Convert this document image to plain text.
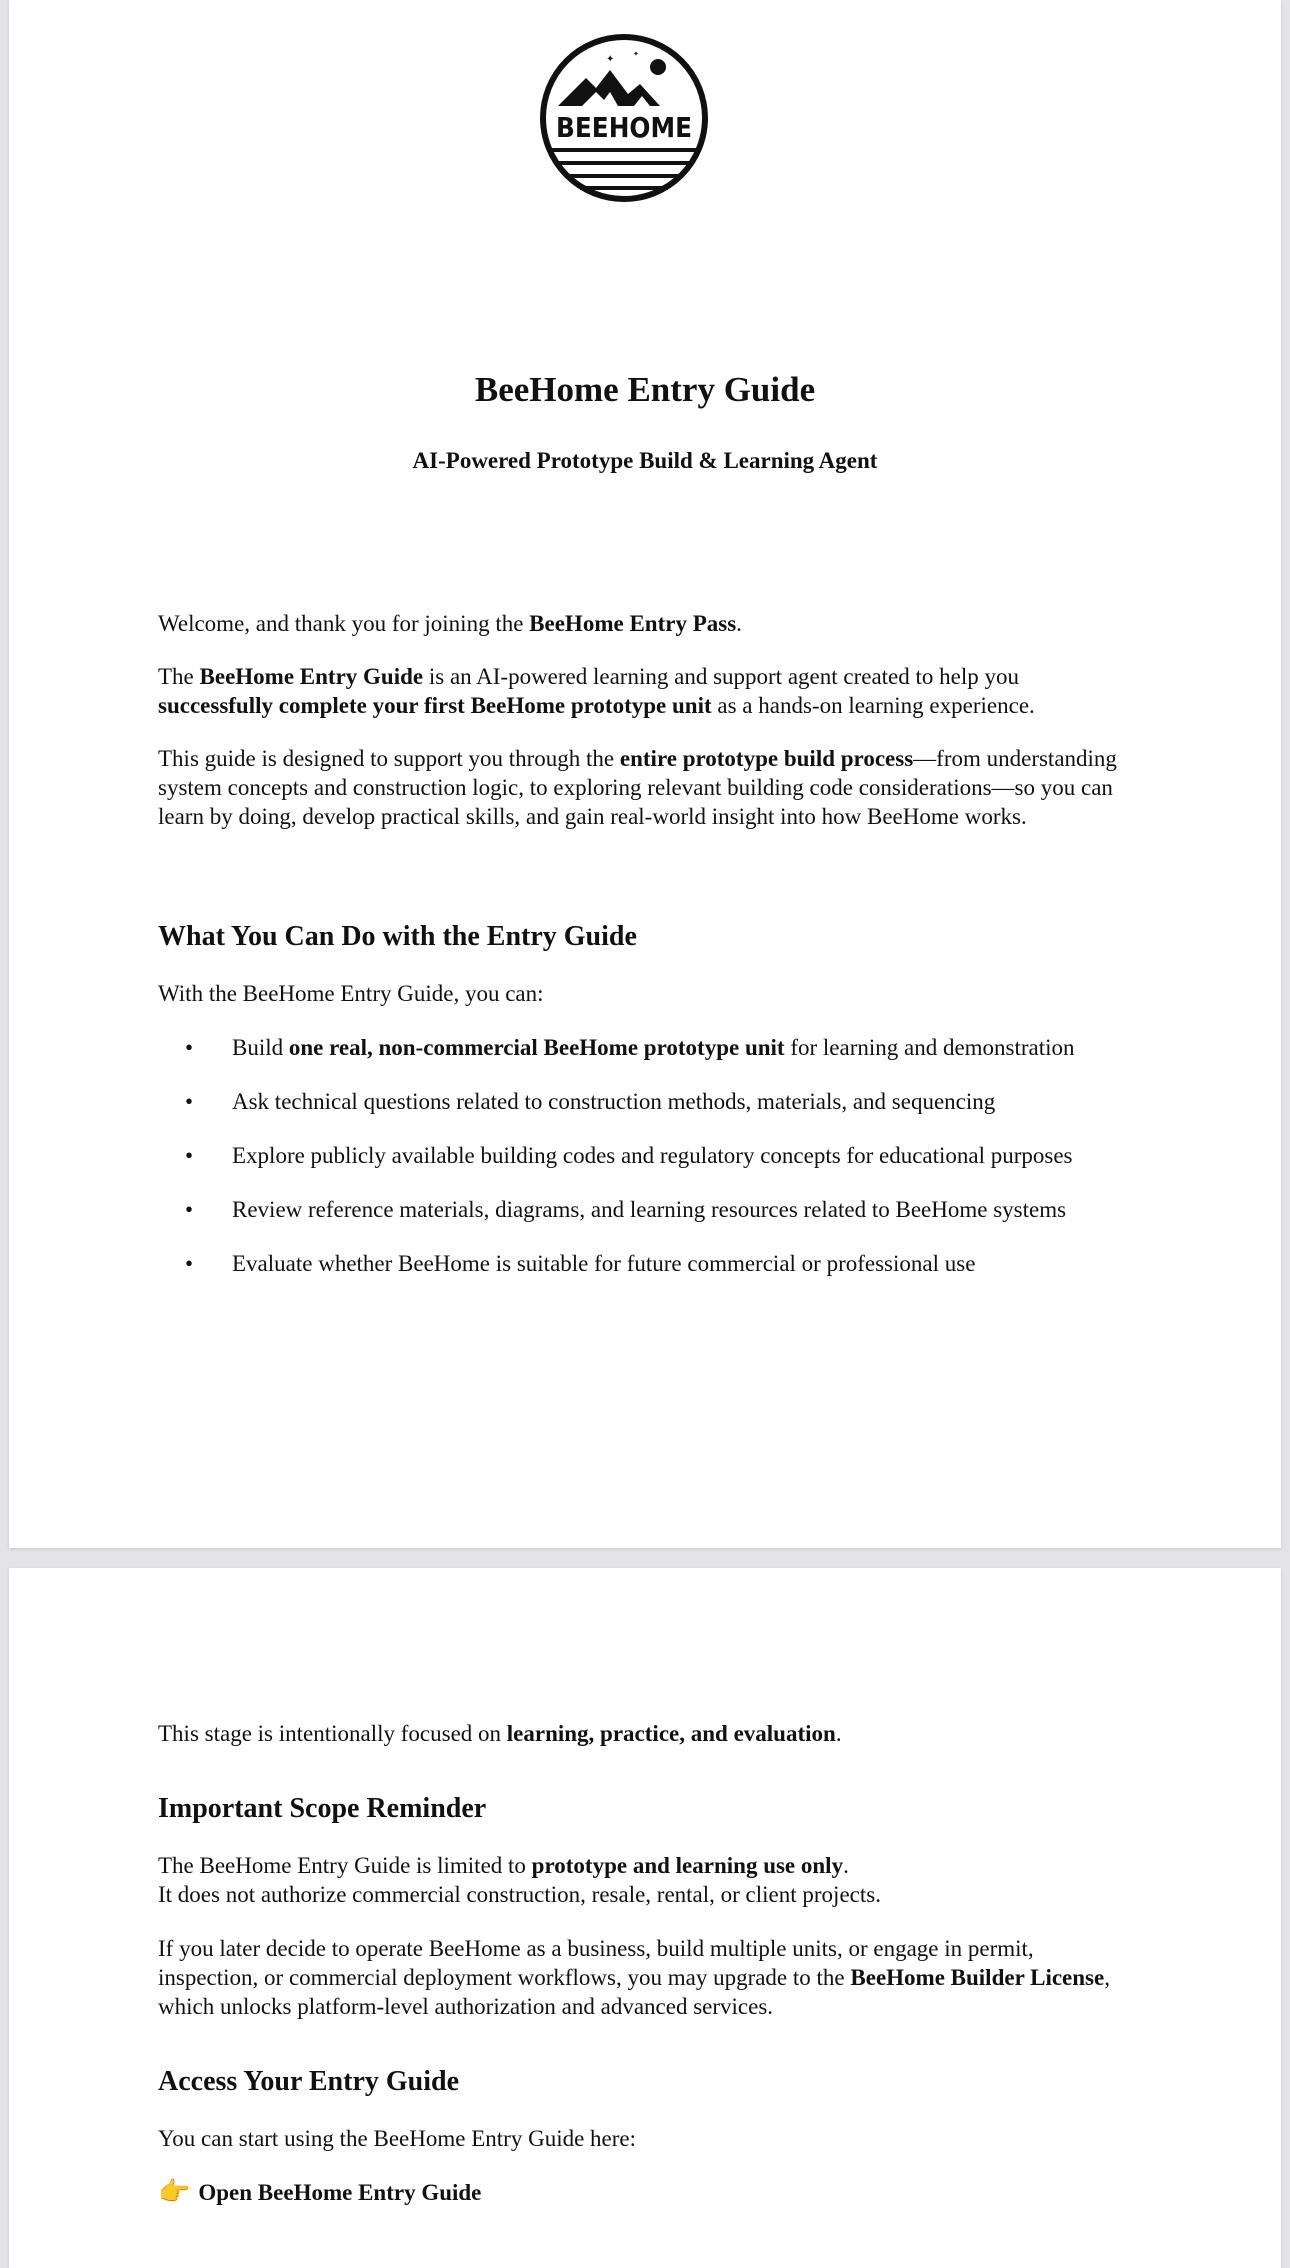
✦	✦
BEEHOME
BeeHome Entry Guide
AI-Powered Prototype Build & Learning Agent

Welcome, and thank you for joining the BeeHome Entry Pass.

The BeeHome Entry Guide is an AI-powered learning and support agent created to help you successfully complete your first BeeHome prototype unit as a hands-on learning experience.

This guide is designed to support you through the entire prototype build process—from understanding system concepts and construction logic, to exploring relevant building code considerations—so you can learn by doing, develop practical skills, and gain real-world insight into how BeeHome works.

What You Can Do with the Entry Guide

With the BeeHome Entry Guide, you can:

• Build one real, non-commercial BeeHome prototype unit for learning and demonstration
• Ask technical questions related to construction methods, materials, and sequencing
• Explore publicly available building codes and regulatory concepts for educational purposes
• Review reference materials, diagrams, and learning resources related to BeeHome systems
• Evaluate whether BeeHome is suitable for future commercial or professional use

This stage is intentionally focused on learning, practice, and evaluation.

Important Scope Reminder

The BeeHome Entry Guide is limited to prototype and learning use only.
It does not authorize commercial construction, resale, rental, or client projects.

If you later decide to operate BeeHome as a business, build multiple units, or engage in permit, inspection, or commercial deployment workflows, you may upgrade to the BeeHome Builder License, which unlocks platform-level authorization and advanced services.

Access Your Entry Guide

You can start using the BeeHome Entry Guide here:

👉 Open BeeHome Entry Guide
